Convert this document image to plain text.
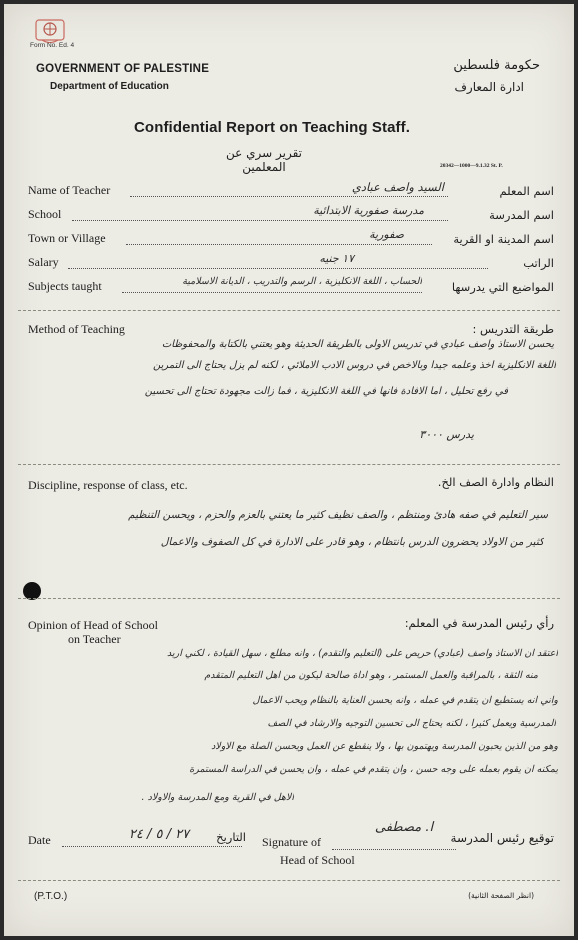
Form No. Ed. 4
GOVERNMENT OF PALESTINE
Department of Education
حكومة فلسطين
ادارة المعارف
Confidential Report on Teaching Staff.
تقرير سري عن المعلمين	20342—1000—9.1.32 St. P.
Name of Teacher	السيد واصف عبادي	اسم المعلم
School	مدرسة صفورية الابتدائية	اسم المدرسة
Town or Village	صفورية	اسم المدينة او القرية
Salary	١٧ جنيه	الراتب
Subjects taught	الحساب ، اللغة الانكليزية ، الرسم والتدريب ، الديانة الاسلامية	المواضيع التي يدرسها
Method of Teaching	طريقة التدريس :
يحسن الاستاذ واصف عبادي في تدريس الاولى بالطريقة الحديثة وهو يعتني بالكتابة والمحفوظات
اللغة الانكليزية اخذ وعلمه جيدا وبالاخص في دروس الادب الاملائي ، لكنه لم يزل يحتاج الى التمرين
في رفع تحليل ، اما الافادة فانها في اللغة الانكليزية ، فما زالت مجهودة تحتاج الى تحسين
يدرس ٣٠٠٠
Discipline, response of class, etc.	النظام وادارة الصف الخ.
سير التعليم في صفه هادئ ومنتظم ، والصف نظيف كثير ما يعتني بالعزم والحزم ، ويحسن التنظيم
كثير من الاولاد يحضرون الدرس بانتظام ، وهو قادر على الادارة في كل الصفوف والاعمال
Opinion of Head of School
on Teacher
رأي رئيس المدرسة في المعلم:
اعتقد ان الاستاذ واصف (عبادي) حريص على (التعليم والتقدم) ، وانه مطلع ، سهل القيادة ، لكني اريد
منه الثقة ، بالمراقبة والعمل المستمر ، وهو اداة صالحة ليكون من اهل التعليم المتقدم
واني انه يستطيع ان يتقدم في عمله ، وانه يحسن العناية بالنظام ويحب الاعمال
المدرسية ويعمل كثيرا ، لكنه يحتاج الى تحسين التوجيه والارشاد في الصف
وهو من الذين يحبون المدرسة ويهتمون بها ، ولا ينقطع عن العمل ويحسن الصلة مع الاولاد
يمكنه ان يقوم بعمله على وجه حسن ، وان يتقدم في عمله ، وان يحسن في الدراسة المستمرة
الاهل في القرية ومع المدرسة والاولاد .
Date	٢٧ / ٥ / ٢٤	التاريخ Signature of
ا. مصطفى
توقيع رئيس المدرسة
Head of School
(P.T.O.)	(انظر الصفحة الثانية)
